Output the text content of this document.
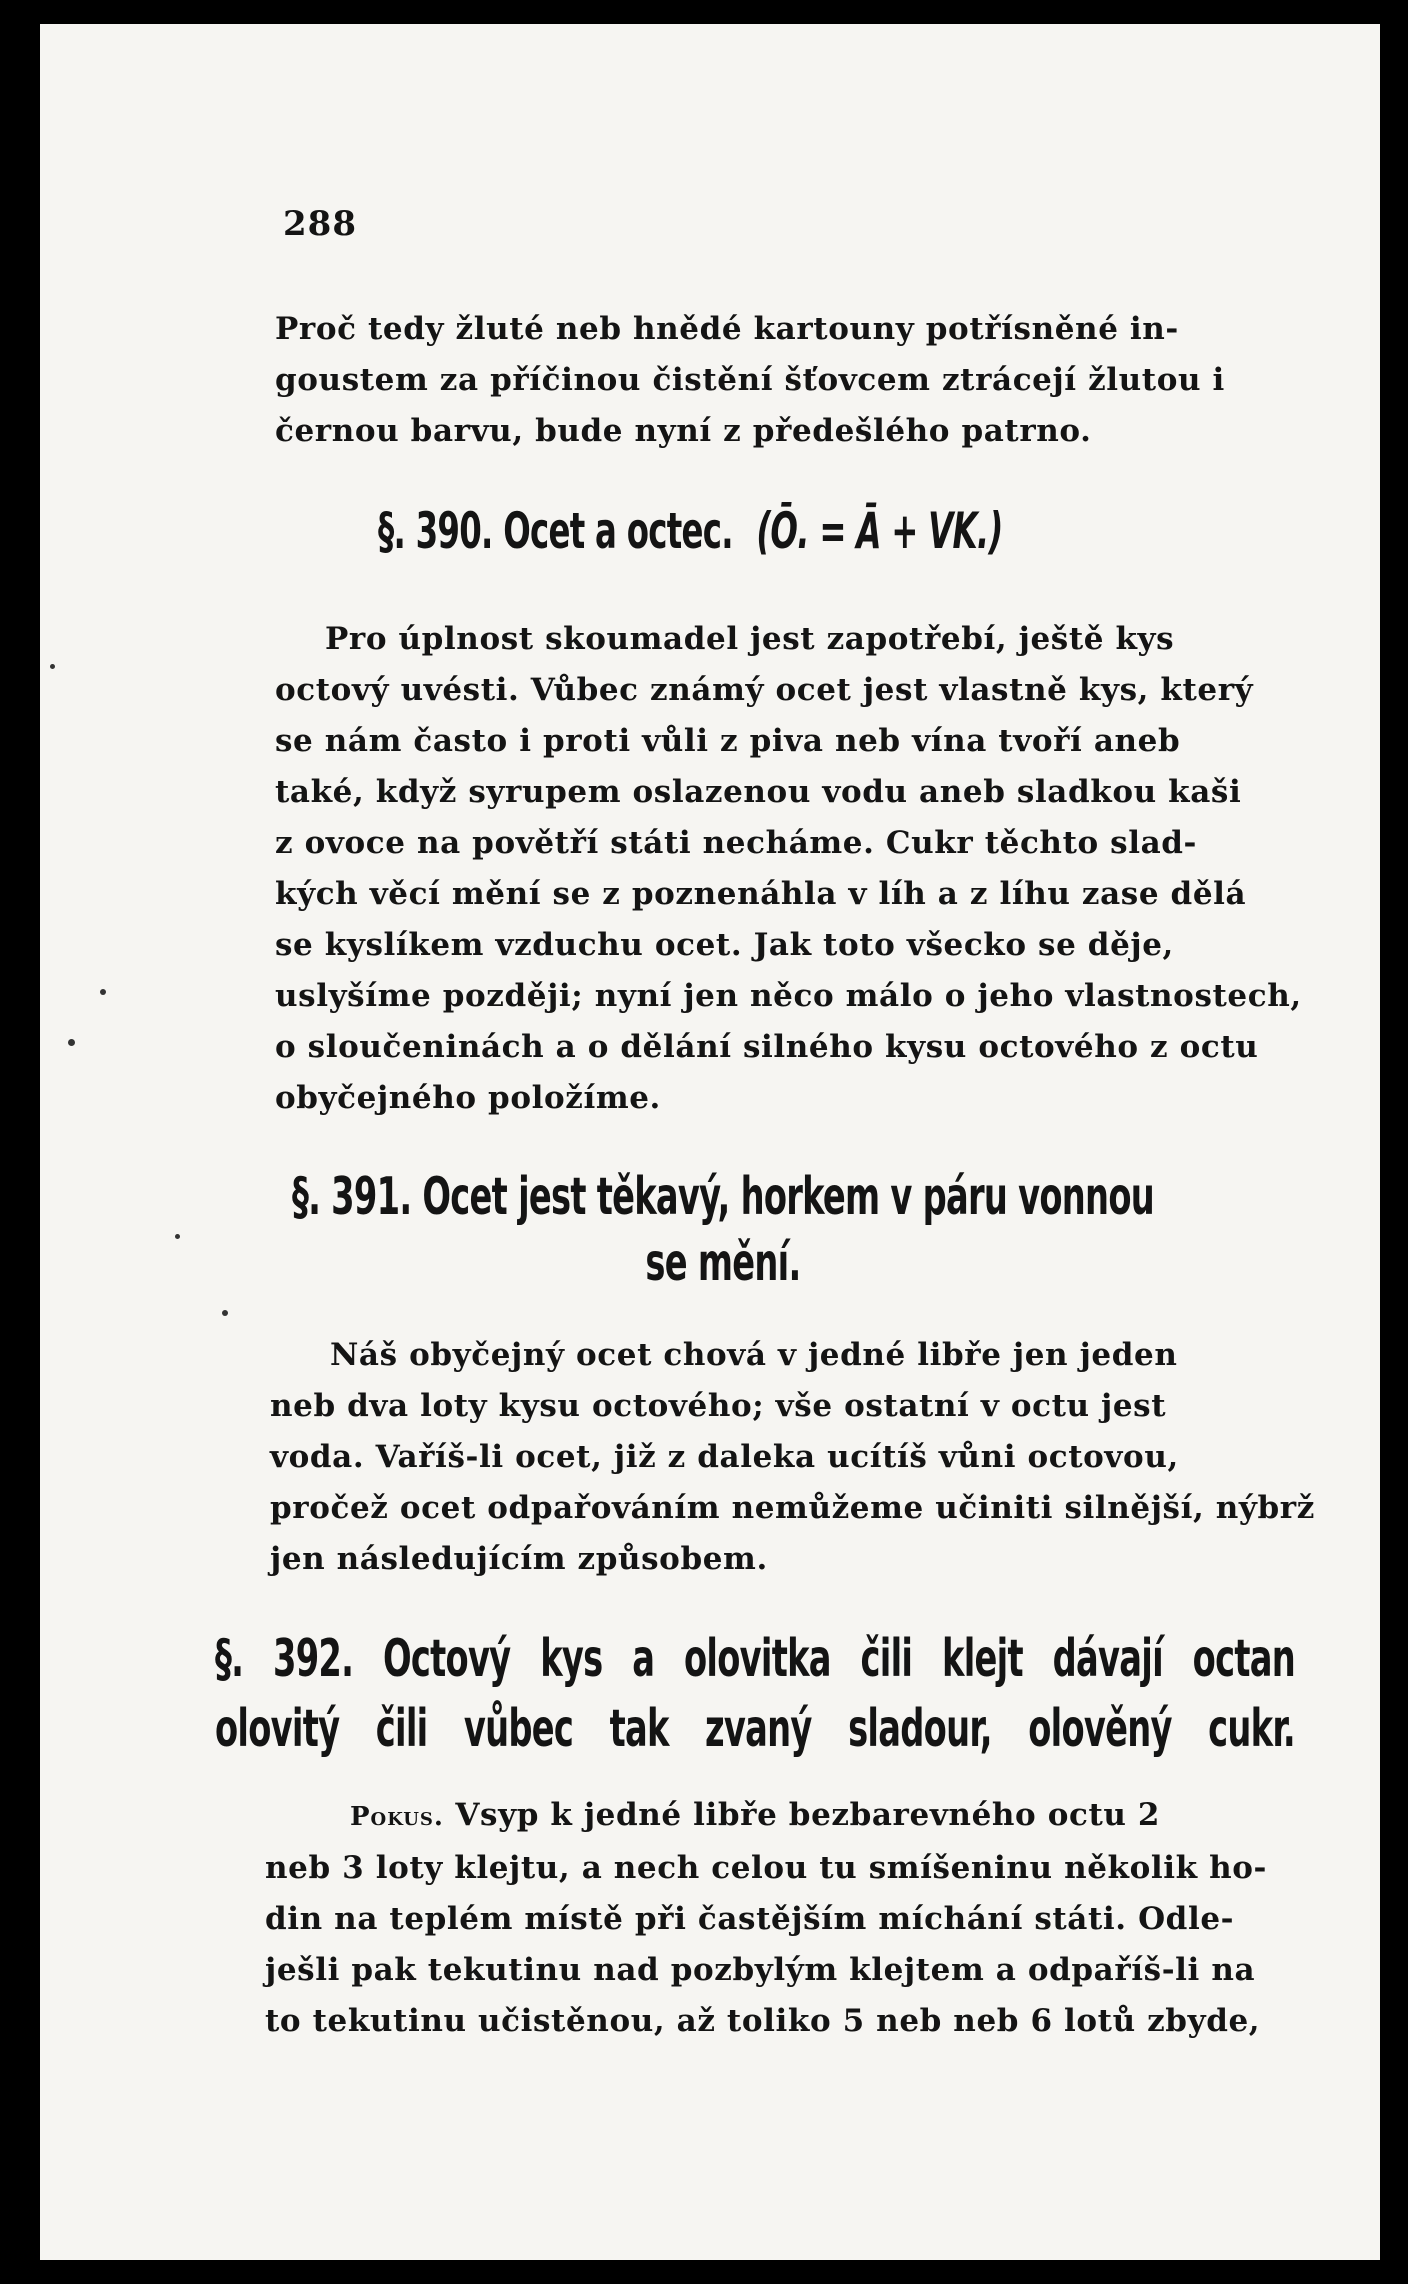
288
Proč tedy žluté neb hnědé kartouny potřísněné in-
goustem za příčinou čistění šťovcem ztrácejí žlutou i
černou barvu, bude nyní z předešlého patrno.
§. 390. Ocet a octec. (Ō. = Ā + VK.)
Pro úplnost skoumadel jest zapotřebí, ještě kys
octový uvésti. Vůbec známý ocet jest vlastně kys, který
se nám často i proti vůli z piva neb vína tvoří aneb
také, když syrupem oslazenou vodu aneb sladkou kaši
z ovoce na povětří státi necháme. Cukr těchto slad-
kých věcí mění se z poznenáhla v líh a z líhu zase dělá
se kyslíkem vzduchu ocet. Jak toto všecko se děje,
uslyšíme později; nyní jen něco málo o jeho vlastnostech,
o sloučeninách a o dělání silného kysu octového z octu
obyčejného položíme.
§. 391. Ocet jest těkavý, horkem v páru vonnou
se mění.
Náš obyčejný ocet chová v jedné libře jen jeden
neb dva loty kysu octového; vše ostatní v octu jest
voda. Vaříš-li ocet, již z daleka ucítíš vůni octovou,
pročež ocet odpařováním nemůžeme učiniti silnější, nýbrž
jen následujícím způsobem.
§. 392. Octový kys a olovitka čili klejt dávají octan
olovitý čili vůbec tak zvaný sladour, olověný cukr.
Pokus. Vsyp k jedné libře bezbarevného octu 2
neb 3 loty klejtu, a nech celou tu smíšeninu několik ho-
din na teplém místě při častějším míchání státi. Odle-
ješli pak tekutinu nad pozbylým klejtem a odpaříš-li na
to tekutinu učistěnou, až toliko 5 neb neb 6 lotů zbyde,
